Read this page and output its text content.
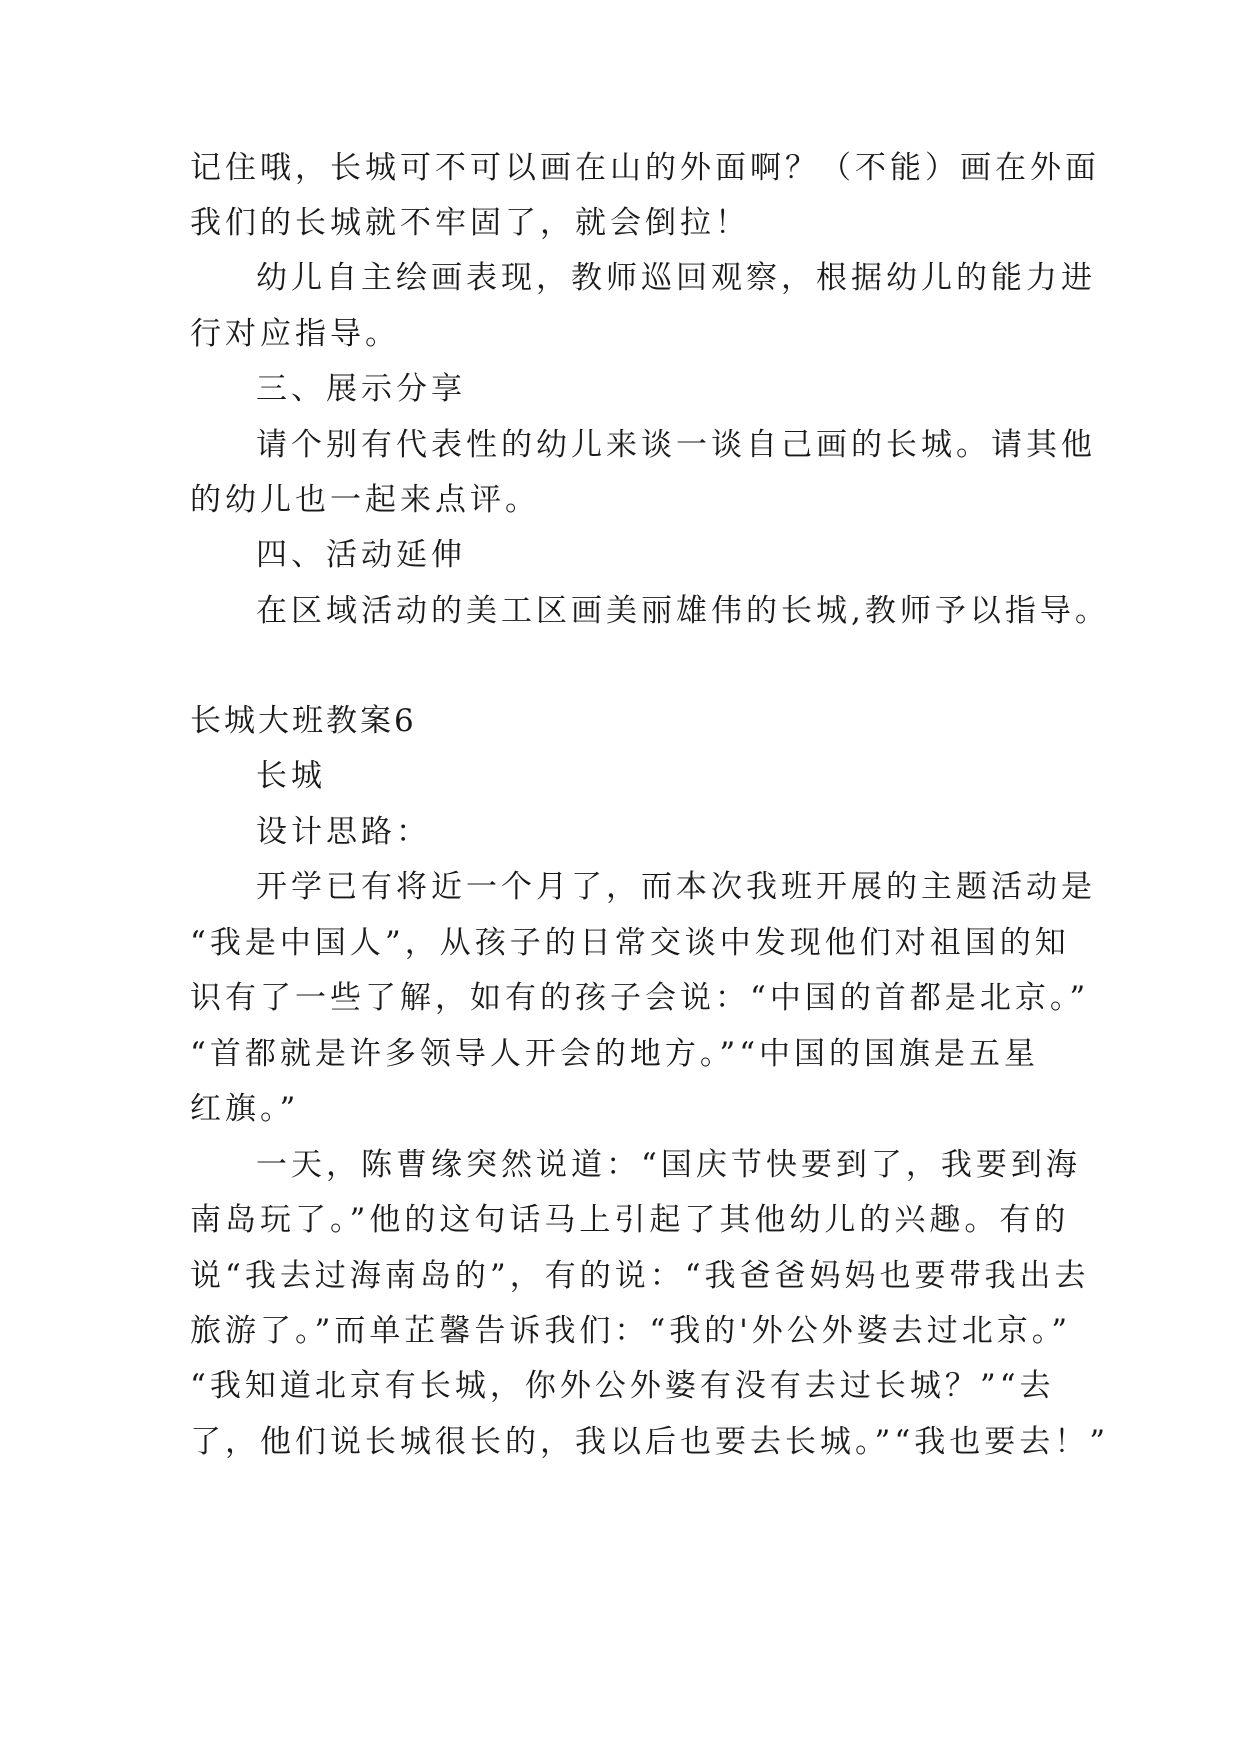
记住哦，长城可不可以画在山的外面啊？（不能）画在外面
我们的长城就不牢固了，就会倒拉！
幼儿自主绘画表现，教师巡回观察，根据幼儿的能力进
行对应指导。
三、展示分享
请个别有代表性的幼儿来谈一谈自己画的长城。请其他
的幼儿也一起来点评。
四、活动延伸
在区域活动的美工区画美丽雄伟的长城,教师予以指导。
长城大班教案6
长城
设计思路：
开学已有将近一个月了，而本次我班开展的主题活动是
“我是中国人”，从孩子的日常交谈中发现他们对祖国的知
识有了一些了解，如有的孩子会说：“中国的首都是北京。”
“首都就是许多领导人开会的地方。”“中国的国旗是五星
红旗。”
一天，陈曹缘突然说道：“国庆节快要到了，我要到海
南岛玩了。”他的这句话马上引起了其他幼儿的兴趣。有的
说“我去过海南岛的”，有的说：“我爸爸妈妈也要带我出去
旅游了。”而单芷馨告诉我们：“我的'外公外婆去过北京。”
“我知道北京有长城，你外公外婆有没有去过长城？”“去
了，他们说长城很长的，我以后也要去长城。”“我也要去！”
